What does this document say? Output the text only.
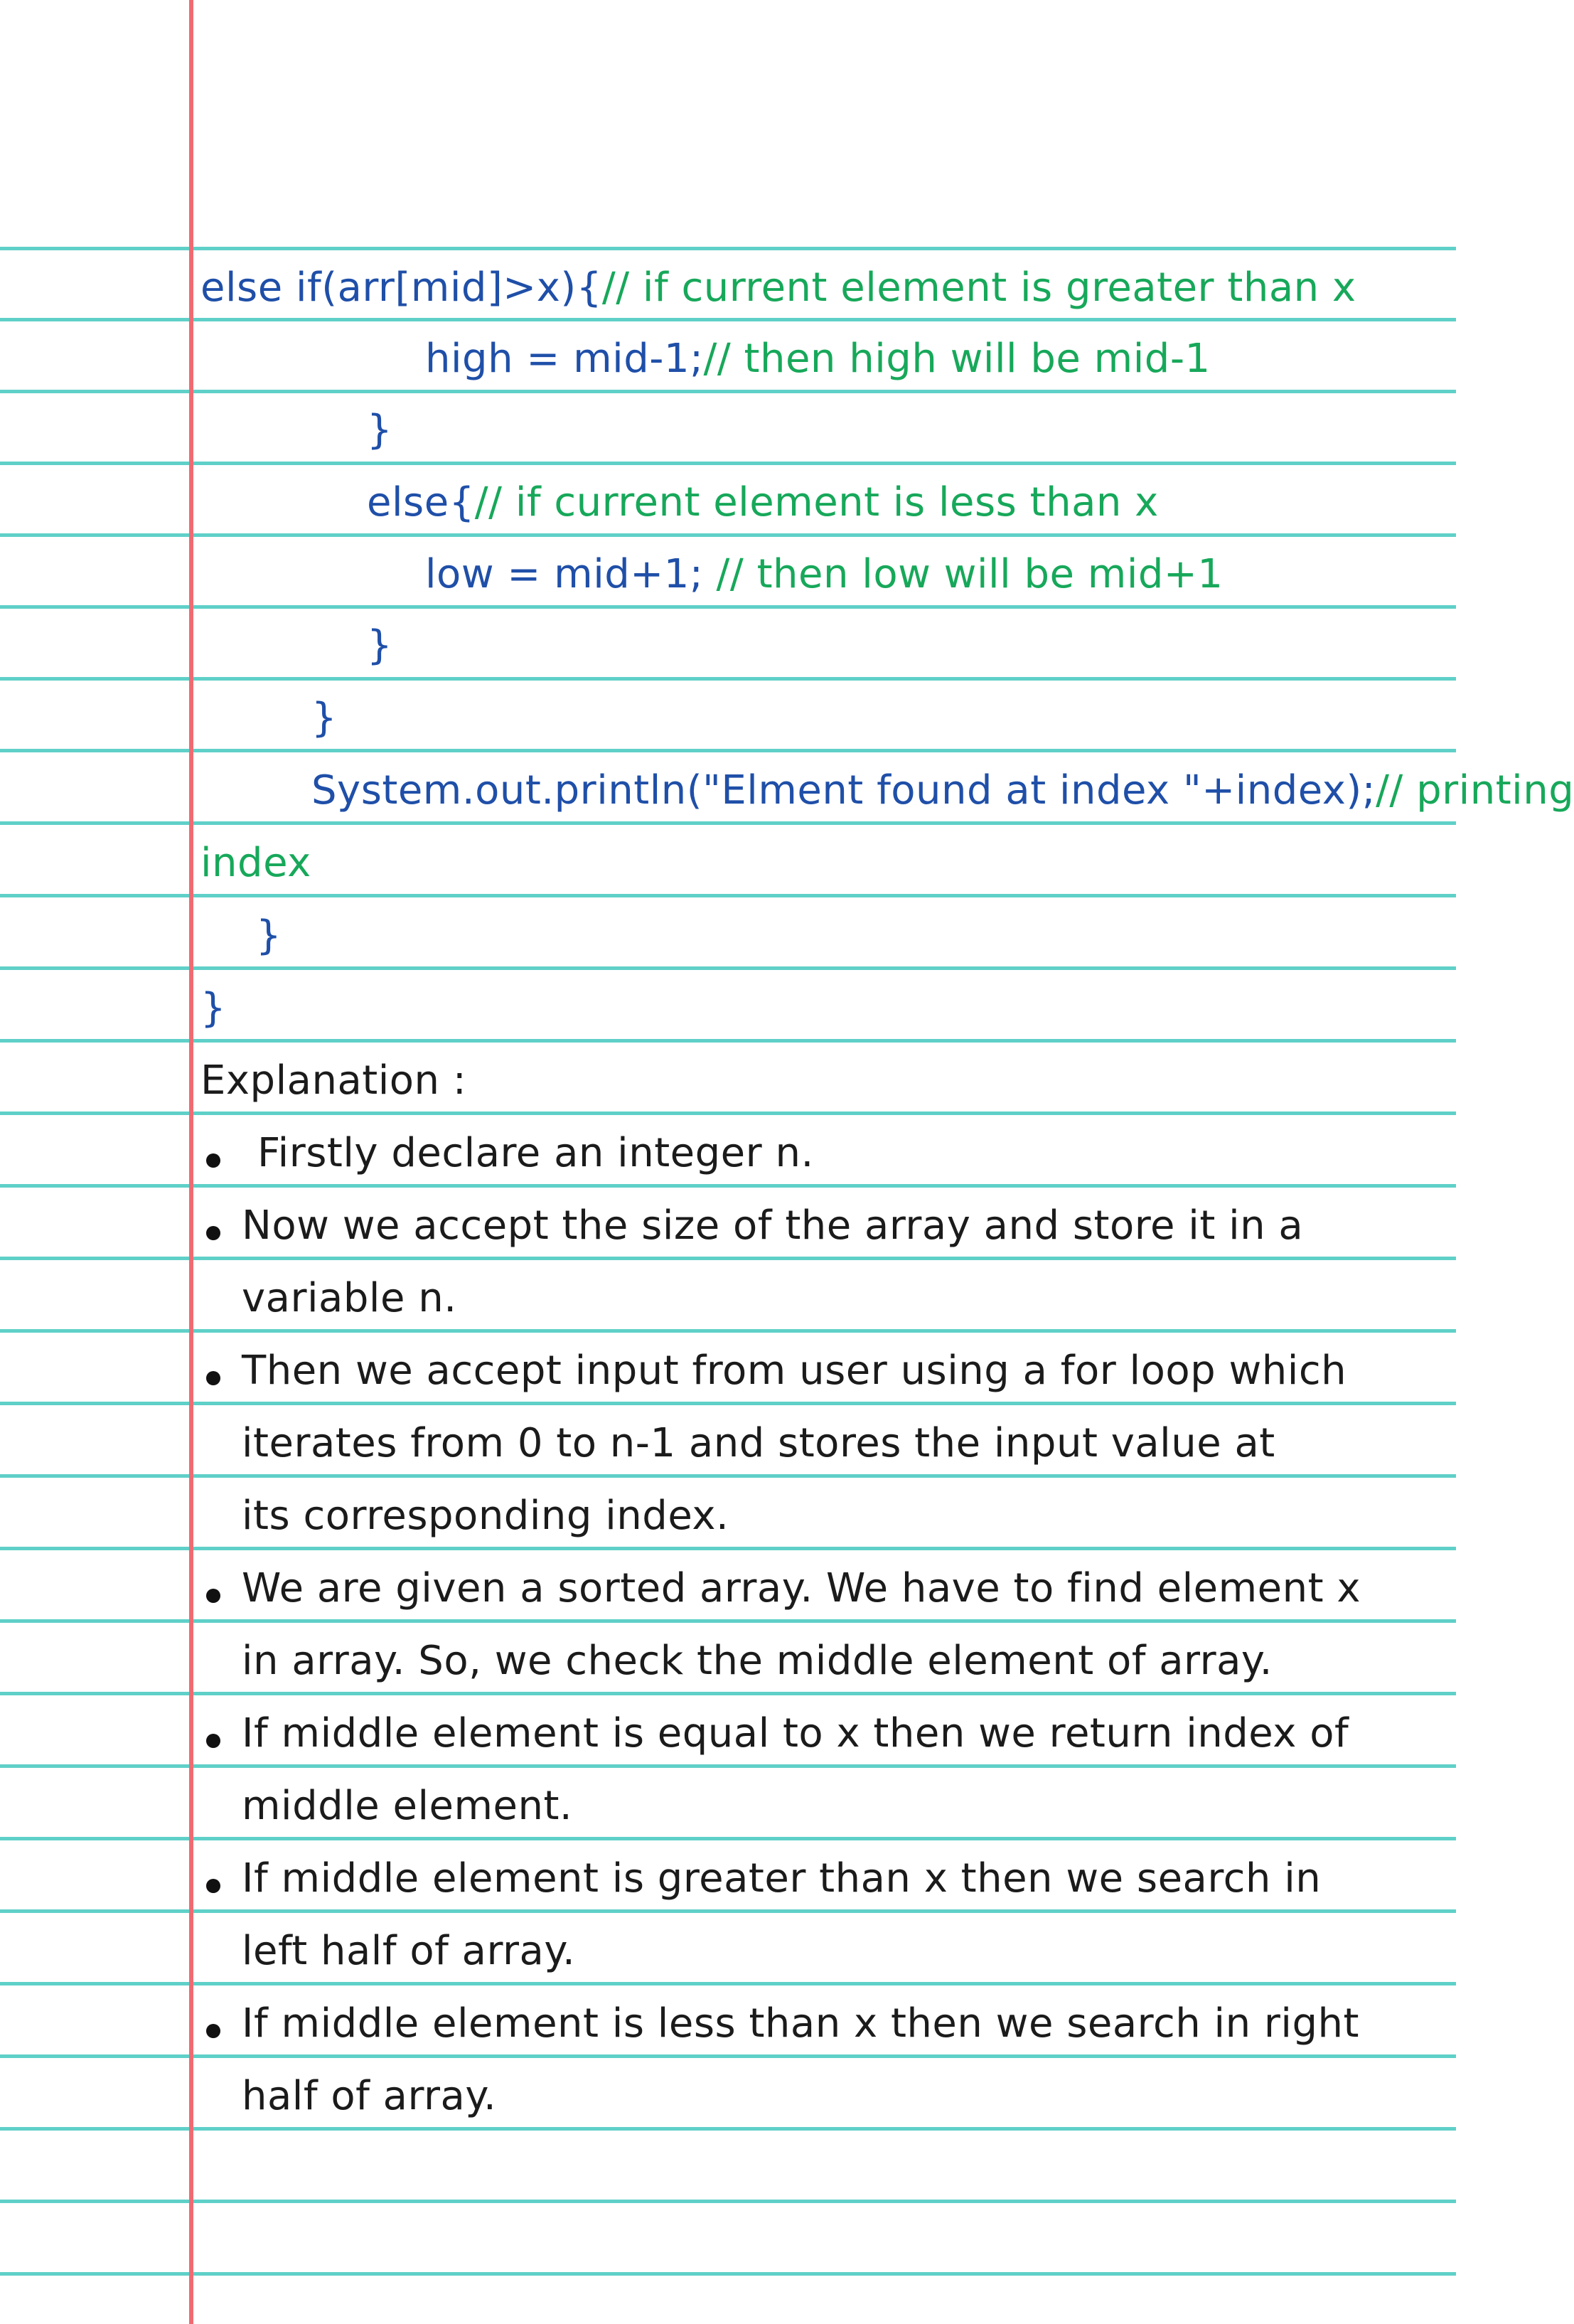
else if(arr[mid]>x){// if current element is greater than x
high = mid-1;// then high will be mid-1
}
else{// if current element is less than x
low = mid+1; // then low will be mid+1
}
}
System.out.println("Elment found at index "+index);// printing
index
}
}
Explanation :
Firstly declare an integer n.
Now we accept the size of the array and store it in a
variable n.
Then we accept input from user using a for loop which
iterates from 0 to n-1 and stores the input value at
its corresponding index.
We are given a sorted array. We have to find element x
in array. So, we check the middle element of array.
If middle element is equal to x then we return index of
middle element.
If middle element is greater than x then we search in
left half of array.
If middle element is less than x then we search in right
half of array.
